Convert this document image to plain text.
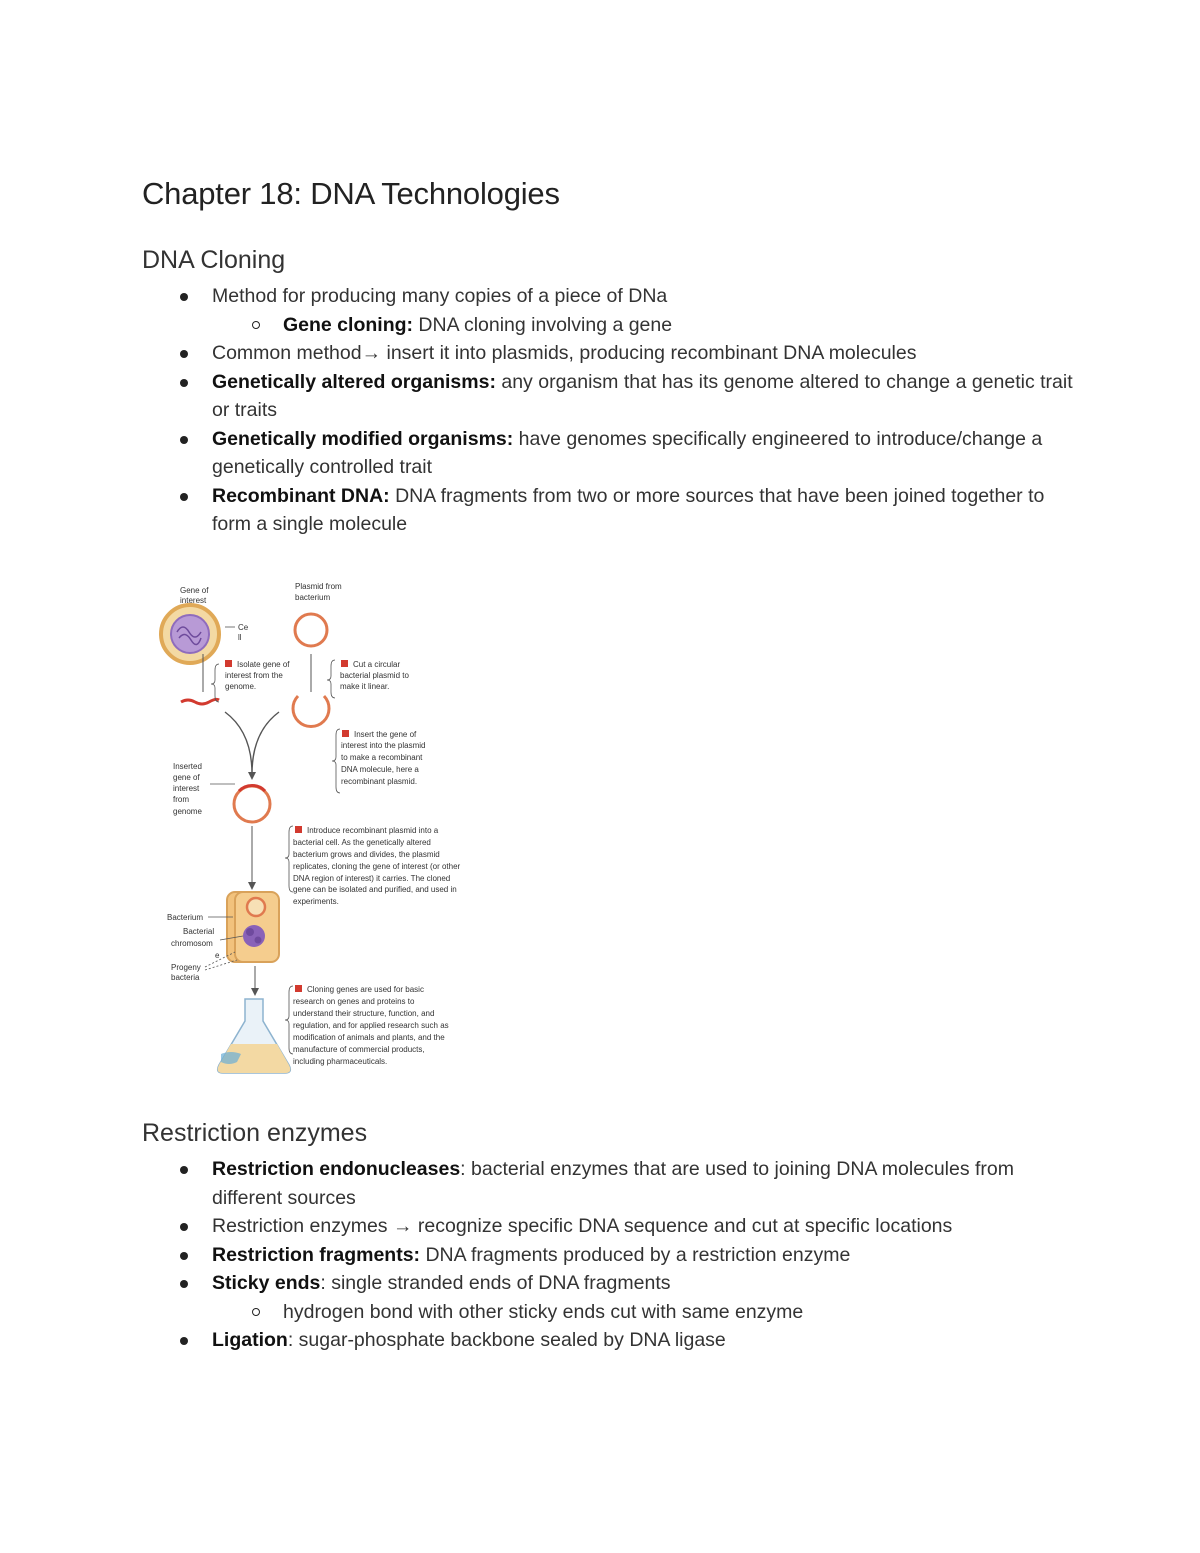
Chapter 18: DNA Technologies
DNA Cloning
Method for producing many copies of a piece of DNa
Gene cloning: DNA cloning involving a gene
Common method→ insert it into plasmids, producing recombinant DNA molecules
Genetically altered organisms: any organism that has its genome altered to change a genetic trait or traits
Genetically modified organisms: have genomes specifically engineered to introduce/change a genetically controlled trait
Recombinant DNA: DNA fragments from two or more sources that have been joined together to form a single molecule
Gene of
interest
Ce
ll
Isolate gene of
interest from the
genome.
Plasmid from
bacterium
Cut a circular
bacterial plasmid to
make it linear.
Insert the gene of
interest into the plasmid
to make a recombinant
DNA molecule, here a
recombinant plasmid.
Inserted
gene of
interest
from
genome
Introduce recombinant plasmid into a
bacterial cell. As the genetically altered
bacterium grows and divides, the plasmid
replicates, cloning the gene of interest (or other
DNA region of interest) it carries. The cloned
gene can be isolated and purified, and used in
experiments.
Bacterium
Bacterial
chromosom
e
Progeny
bacteria
Cloning genes are used for basic
research on genes and proteins to
understand their structure, function, and
regulation, and for applied research such as
modification of animals and plants, and the
manufacture of commercial products,
including pharmaceuticals.
Restriction enzymes
Restriction endonucleases: bacterial enzymes that are used to joining DNA molecules from different sources
Restriction enzymes → recognize specific DNA sequence and cut at specific locations
Restriction fragments: DNA fragments produced by a restriction enzyme
Sticky ends: single stranded ends of DNA fragments
hydrogen bond with other sticky ends cut with same enzyme
Ligation: sugar-phosphate backbone sealed by DNA ligase
